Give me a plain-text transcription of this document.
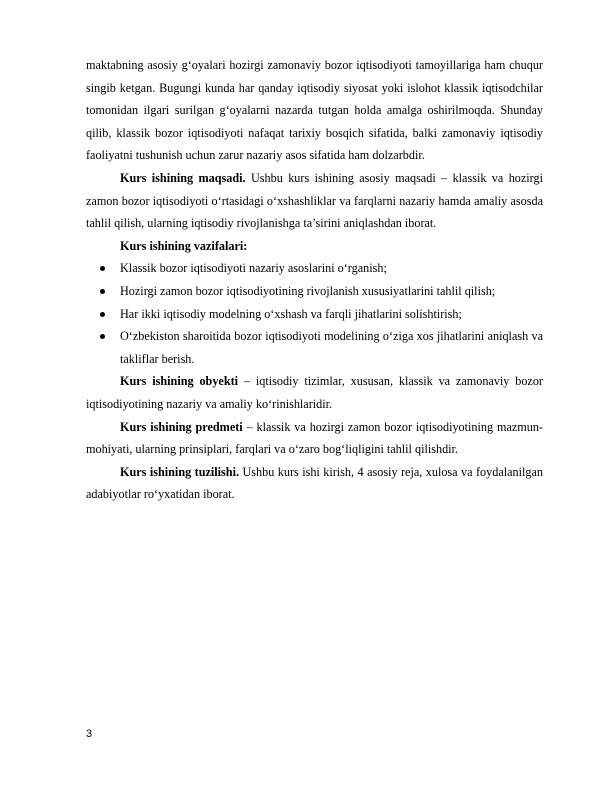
maktabning asosiy g‘oyalari hozirgi zamonaviy bozor iqtisodiyoti tamoyillariga ham chuqur singib ketgan. Bugungi kunda har qanday iqtisodiy siyosat yoki islohot klassik iqtisodchilar tomonidan ilgari surilgan g‘oyalarni nazarda tutgan holda amalga oshirilmoqda. Shunday qilib, klassik bozor iqtisodiyoti nafaqat tarixiy bosqich sifatida, balki zamonaviy iqtisodiy faoliyatni tushunish uchun zarur nazariy asos sifatida ham dolzarbdir.

Kurs ishining maqsadi. Ushbu kurs ishining asosiy maqsadi – klassik va hozirgi zamon bozor iqtisodiyoti o‘rtasidagi o‘xshashliklar va farqlarni nazariy hamda amaliy asosda tahlil qilish, ularning iqtisodiy rivojlanishga ta’sirini aniqlashdan iborat.

Kurs ishining vazifalari:

Klassik bozor iqtisodiyoti nazariy asoslarini o‘rganish;
Hozirgi zamon bozor iqtisodiyotining rivojlanish xususiyatlarini tahlil qilish;
Har ikki iqtisodiy modelning o‘xshash va farqli jihatlarini solishtirish;
O‘zbekiston sharoitida bozor iqtisodiyoti modelining o‘ziga xos jihatlarini aniqlash va takliflar berish.

Kurs ishining obyekti – iqtisodiy tizimlar, xususan, klassik va zamonaviy bozor iqtisodiyotining nazariy va amaliy ko‘rinishlaridir.

Kurs ishining predmeti – klassik va hozirgi zamon bozor iqtisodiyotining mazmun-mohiyati, ularning prinsiplari, farqlari va o‘zaro bog‘liqligini tahlil qilishdir.

Kurs ishining tuzilishi. Ushbu kurs ishi kirish, 4 asosiy reja, xulosa va foydalanilgan adabiyotlar ro‘yxatidan iborat.

3
